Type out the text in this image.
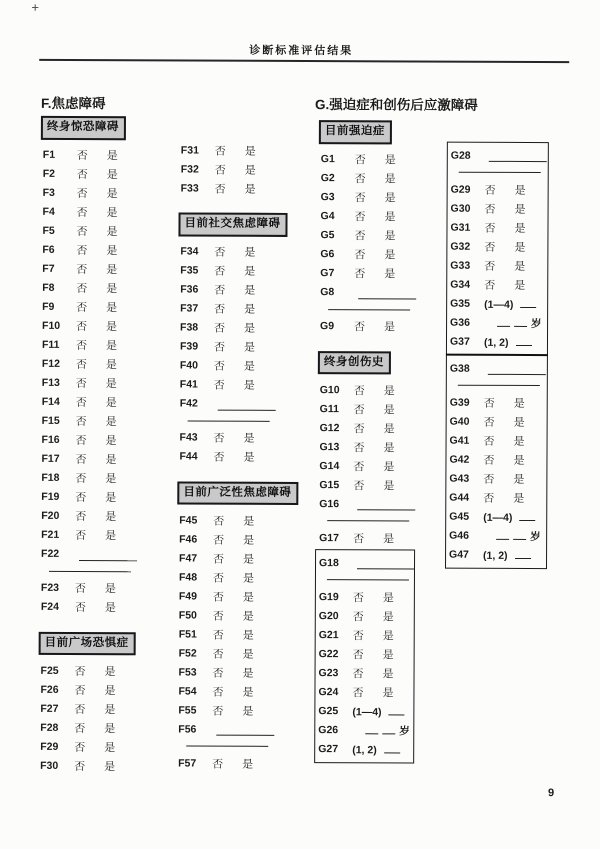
+
诊断标准评估结果
F.焦虑障碍	G.强迫症和创伤后应激障碍
终身惊恐障碍
F1	否	是
F2	否	是
F3	否	是
F4	否	是
F5	否	是
F6	否	是
F7	否	是
F8	否	是
F9	否	是
F10	否	是
F11	否	是
F12	否	是
F13	否	是
F14	否	是
F15	否	是
F16	否	是
F17	否	是
F18	否	是
F19	否	是
F20	否	是
F21	否	是
F22
F23	否	是
F24	否	是
目前广场恐惧症
F25	否	是
F26	否	是
F27	否	是
F28	否	是
F29	否	是
F30	否	是
F31	否	是
F32	否	是
F33	否	是
目前社交焦虑障碍
F34	否	是
F35	否	是
F36	否	是
F37	否	是
F38	否	是
F39	否	是
F40	否	是
F41	否	是
F42
F43	否	是
F44	否	是
目前广泛性焦虑障碍
F45	否	是
F46	否	是
F47	否	是
F48	否	是
F49	否	是
F50	否	是
F51	否	是
F52	否	是
F53	否	是
F54	否	是
F55	否	是
F56
F57	否	是
目前强迫症
G1	否	是
G2	否	是
G3	否	是
G4	否	是
G5	否	是
G6	否	是
G7	否	是
G8
G9	否	是
终身创伤史
G10	否	是
G11	否	是
G12	否	是
G13	否	是
G14	否	是
G15	否	是
G16
G17	否	是
G18
G19	否	是
G20	否	是
G21	否	是
G22	否	是
G23	否	是
G24	否	是
G25	(1—4)
G26	岁
G27	(1, 2)
G28
G29	否	是
G30	否	是
G31	否	是
G32	否	是
G33	否	是
G34	否	是
G35	(1—4)
G36	岁
G37	(1, 2)
G38
G39	否	是
G40	否	是
G41	否	是
G42	否	是
G43	否	是
G44	否	是
G45	(1—4)
G46	岁
G47	(1, 2)
9
